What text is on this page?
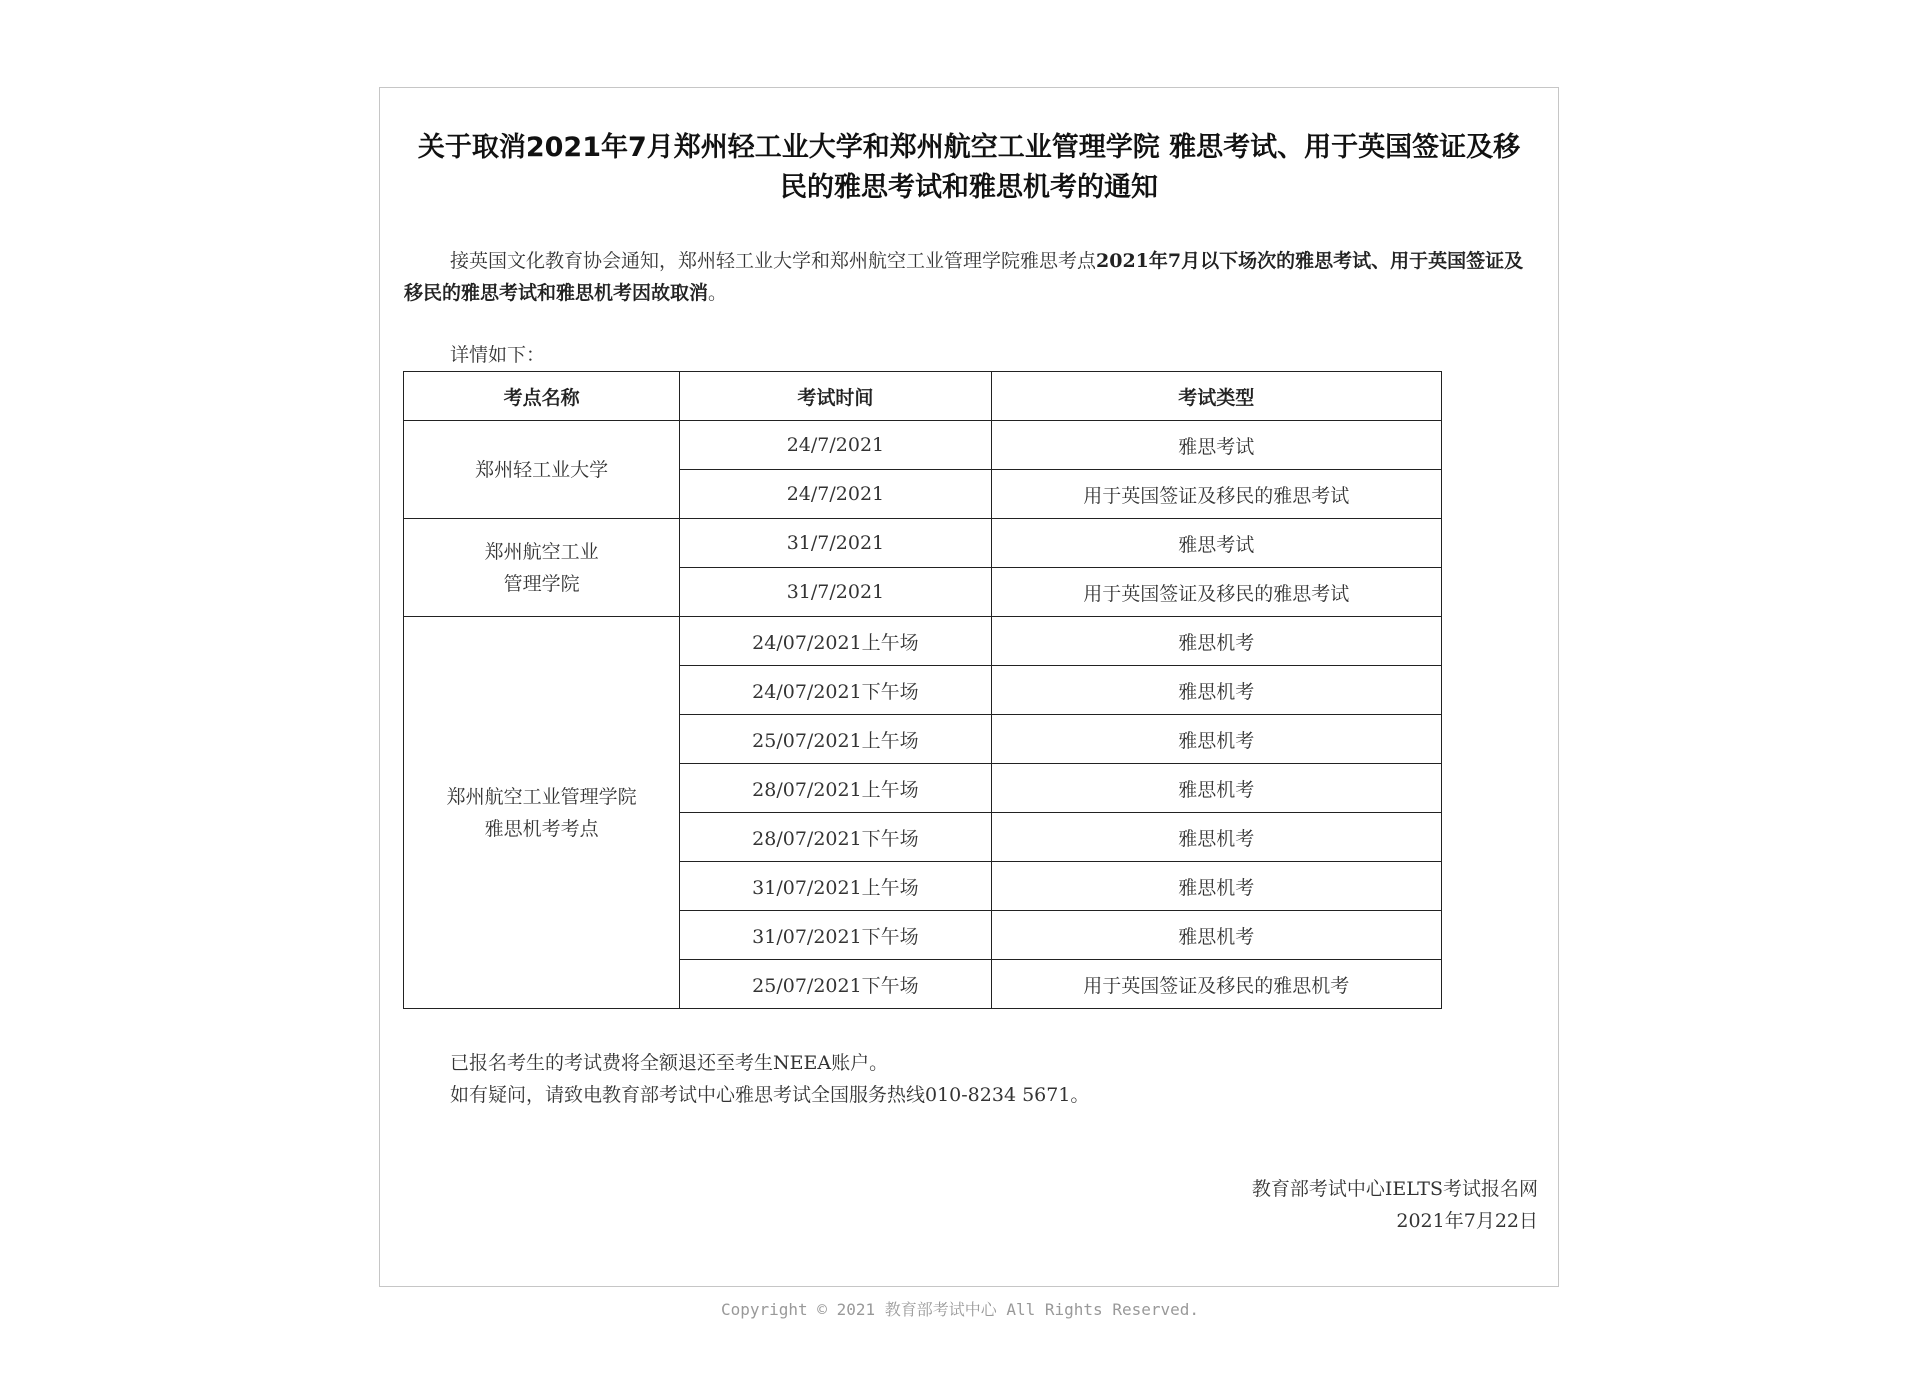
关于取消2021年7月郑州轻工业大学和郑州航空工业管理学院 雅思考试、用于英国签证及移民的雅思考试和雅思机考的通知

接英国文化教育协会通知，郑州轻工业大学和郑州航空工业管理学院雅思考点2021年7月以下场次的雅思考试、用于英国签证及移民的雅思考试和雅思机考因故取消。

详情如下：

考点名称	考试时间	考试类型
郑州轻工业大学	24/7/2021	雅思考试
	24/7/2021	用于英国签证及移民的雅思考试
郑州航空工业
管理学院	31/7/2021	雅思考试
	31/7/2021	用于英国签证及移民的雅思考试
郑州航空工业管理学院
雅思机考考点	24/07/2021上午场	雅思机考
	24/07/2021下午场	雅思机考
	25/07/2021上午场	雅思机考
	28/07/2021上午场	雅思机考
	28/07/2021下午场	雅思机考
	31/07/2021上午场	雅思机考
	31/07/2021下午场	雅思机考
	25/07/2021下午场	用于英国签证及移民的雅思机考

已报名考生的考试费将全额退还至考生NEEA账户。

如有疑问，请致电教育部考试中心雅思考试全国服务热线010-8234 5671。

教育部考试中心IELTS考试报名网
2021年7月22日
Copyright © 2021 教育部考试中心 All Rights Reserved.
